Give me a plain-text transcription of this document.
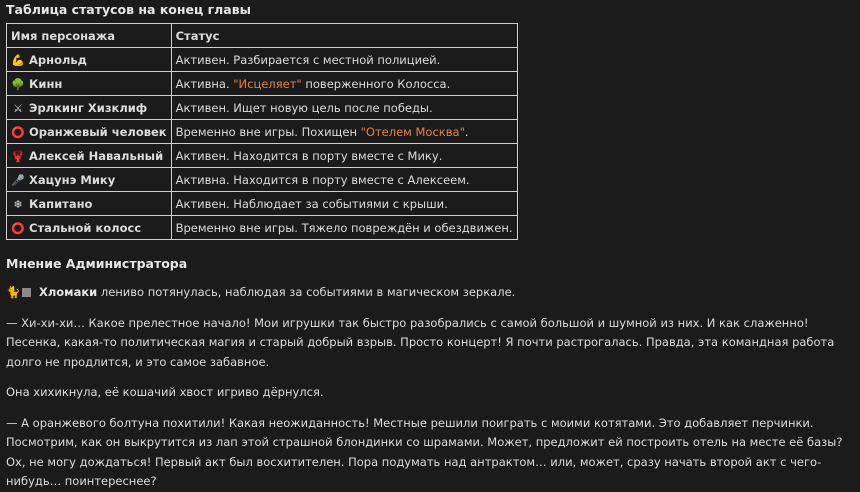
Таблица статусов на конец главы
Имя персонажа	Статус
💪 Арнольд	Активен. Разбирается с местной полицией.
🌳 Кинн	Активна. "Исцеляет" поверженного Колосса.
⚔ Эрлкинг Хизклиф	Активен. Ищет новую цель после победы.
⭕ Оранжевый человек	Временно вне игры. Похищен "Отелем Москва".
🦞 Алексей Навальный	Активен. Находится в порту вместе с Мику.
🎤 Хацунэ Мику	Активна. Находится в порту вместе с Алексеем.
❄ Капитано	Активен. Наблюдает за событиями с крыши.
⭕ Стальной колосс	Временно вне игры. Тяжело повреждён и обездвижен.
Мнение Администратора

🐈 Хломаки лениво потянулась, наблюдая за событиями в магическом зеркале.

— Хи-хи-хи… Какое прелестное начало! Мои игрушки так быстро разобрались с самой большой и шумной из них. И как слаженно! Песенка, какая-то политическая магия и старый добрый взрыв. Просто концерт! Я почти растрогалась. Правда, эта командная работа долго не продлится, и это самое забавное.

Она хихикнула, её кошачий хвост игриво дёрнулся.

— А оранжевого болтуна похитили! Какая неожиданность! Местные решили поиграть с моими котятами. Это добавляет перчинки. Посмотрим, как он выкрутится из лап этой страшной блондинки со шрамами. Может, предложит ей построить отель на месте её базы? Ох, не могу дождаться! Первый акт был восхитителен. Пора подумать над антрактом… или, может, сразу начать второй акт с чего-нибудь… поинтереснее?
